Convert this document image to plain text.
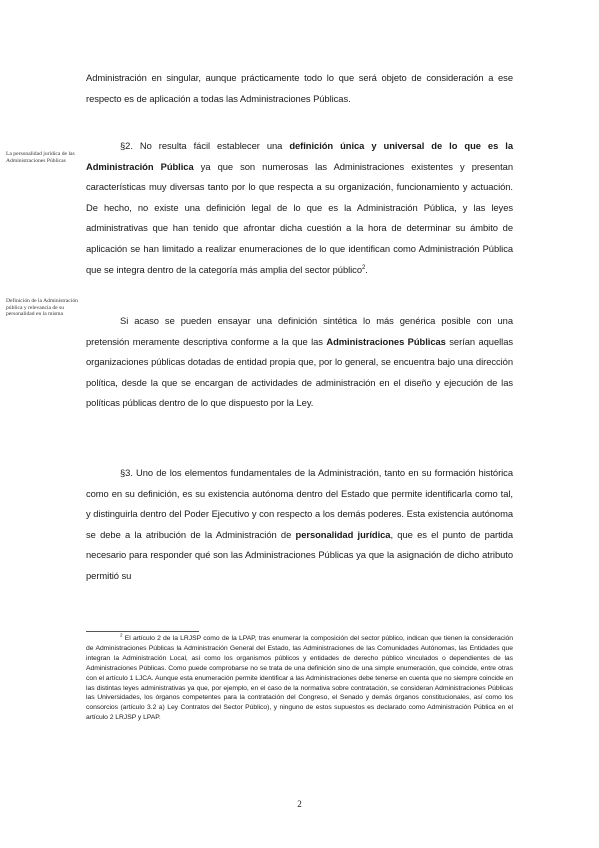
La personalidad jurídica de las Administraciones Públicas
Definición de la Administración pública y relevancia de su personalidad en la misma

Administración en singular, aunque prácticamente todo lo que será objeto de consideración a ese respecto es de aplicación a todas las Administraciones Públicas.

§2. No resulta fácil establecer una definición única y universal de lo que es la Administración Pública ya que son numerosas las Administraciones existentes y presentan características muy diversas tanto por lo que respecta a su organización, funcionamiento y actuación. De hecho, no existe una definición legal de lo que es la Administración Pública, y las leyes administrativas que han tenido que afrontar dicha cuestión a la hora de determinar su ámbito de aplicación se han limitado a realizar enumeraciones de lo que identifican como Administración Pública que se integra dentro de la categoría más amplia del sector público$^2$.

Si acaso se pueden ensayar una definición sintética lo más genérica posible con una pretensión meramente descriptiva conforme a la que las Administraciones Públicas serían aquellas organizaciones públicas dotadas de entidad propia que, por lo general, se encuentra bajo una dirección política, desde la que se encargan de actividades de administración en el diseño y ejecución de las políticas públicas dentro de lo que dispuesto por la Ley.

§3. Uno de los elementos fundamentales de la Administración, tanto en su formación histórica como en su definición, es su existencia autónoma dentro del Estado que permite identificarla como tal, y distinguirla dentro del Poder Ejecutivo y con respecto a los demás poderes. Esta existencia autónoma se debe a la atribución de la Administración de personalidad jurídica, que es el punto de partida necesario para responder qué son las Administraciones Públicas ya que la asignación de dicho atributo permitió su

$^2$ El artículo 2 de la LRJSP como de la LPAP, tras enumerar la composición del sector público, indican que tienen la consideración de Administraciones Públicas la Administración General del Estado, las Administraciones de las Comunidades Autónomas, las Entidades que integran la Administración Local, así como los organismos públicos y entidades de derecho público vinculados o dependientes de las Administraciones Públicas. Como puede comprobarse no se trata de una definición sino de una simple enumeración, que coincide, entre otras con el artículo 1 LJCA. Aunque esta enumeración permite identificar a las Administraciones debe tenerse en cuenta que no siempre coincide en las distintas leyes administrativas ya que, por ejemplo, en el caso de la normativa sobre contratación, se consideran Administraciones Públicas las Universidades, los órganos competentes para la contratación del Congreso, el Senado y demás órganos constitucionales, así como los consorcios (artículo 3.2 a) Ley Contratos del Sector Público), y ninguno de estos supuestos es declarado como Administración Pública en el artículo 2 LRJSP y LPAP.
2
